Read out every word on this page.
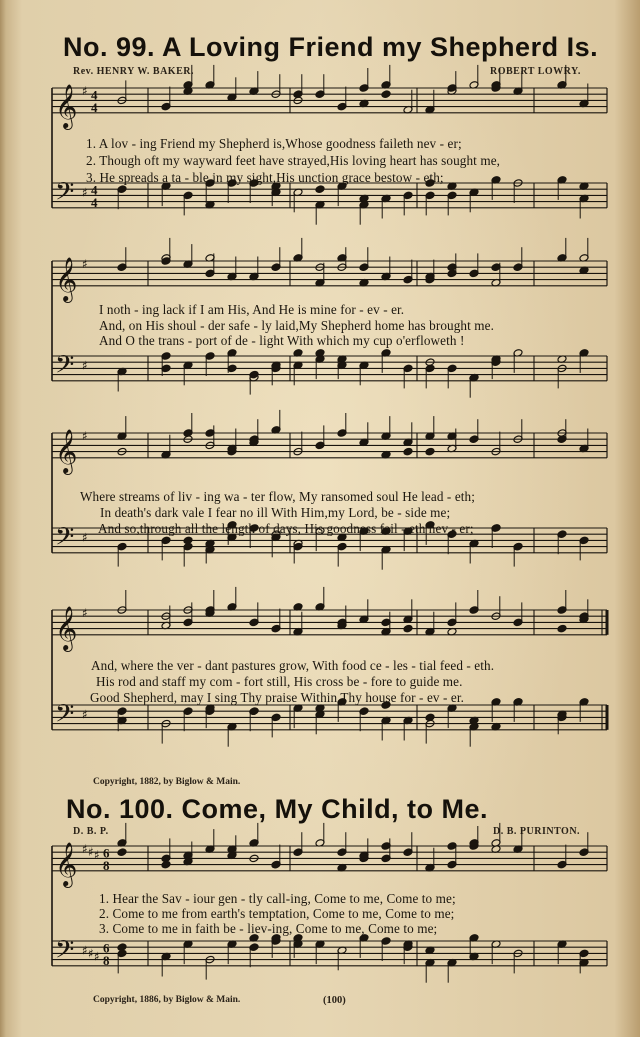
No. 99. A Loving Friend my Shepherd Is.
Rev. HENRY W. BAKER.	ROBERT LOWRY.
𝄞
𝄢
♯
♯
4
4
4
4
1. A lov - ing Friend my Shepherd is,Whose goodness faileth nev - er;
2. Though oft my wayward feet have strayed,His loving heart has sought me,
3. He spreads a ta - ble in my sight,His unction grace bestow - eth;
𝄞
𝄢
♯
♯
I noth - ing lack if I am His, And He is mine for - ev - er.
And, on His shoul - der safe - ly laid,My Shepherd home has brought me.
And O the trans - port of de - light With which my cup o'erfloweth !
𝄞
𝄢
♯
♯
Where streams of liv - ing wa - ter flow, My ransomed soul He lead - eth;
In death's dark vale I fear no ill With Him,my Lord, be - side me;
And so,through all the length of days, His goodness fail - eth nev - er;
𝄞
𝄢
♯
♯
And, where the ver - dant pastures grow, With food ce - les - tial feed - eth.
His rod and staff my com - fort still, His cross be - fore to guide me.
Good Shepherd, may I sing Thy praise Within Thy house for - ev - er.
Copyright, 1882, by Biglow & Main.
No. 100. Come, My Child, to Me.
D. B. P.	D. B. PURINTON.
𝄞
𝄢
♯
♯
♯
♯
♯
♯
6
8
6
8
1. Hear the Sav - iour gen - tly call-ing, Come to me, Come to me;
2. Come to me from earth's temptation, Come to me, Come to me;
3. Come to me in faith be - liev-ing, Come to me, Come to me;
Copyright, 1886, by Biglow & Main.	(100)
